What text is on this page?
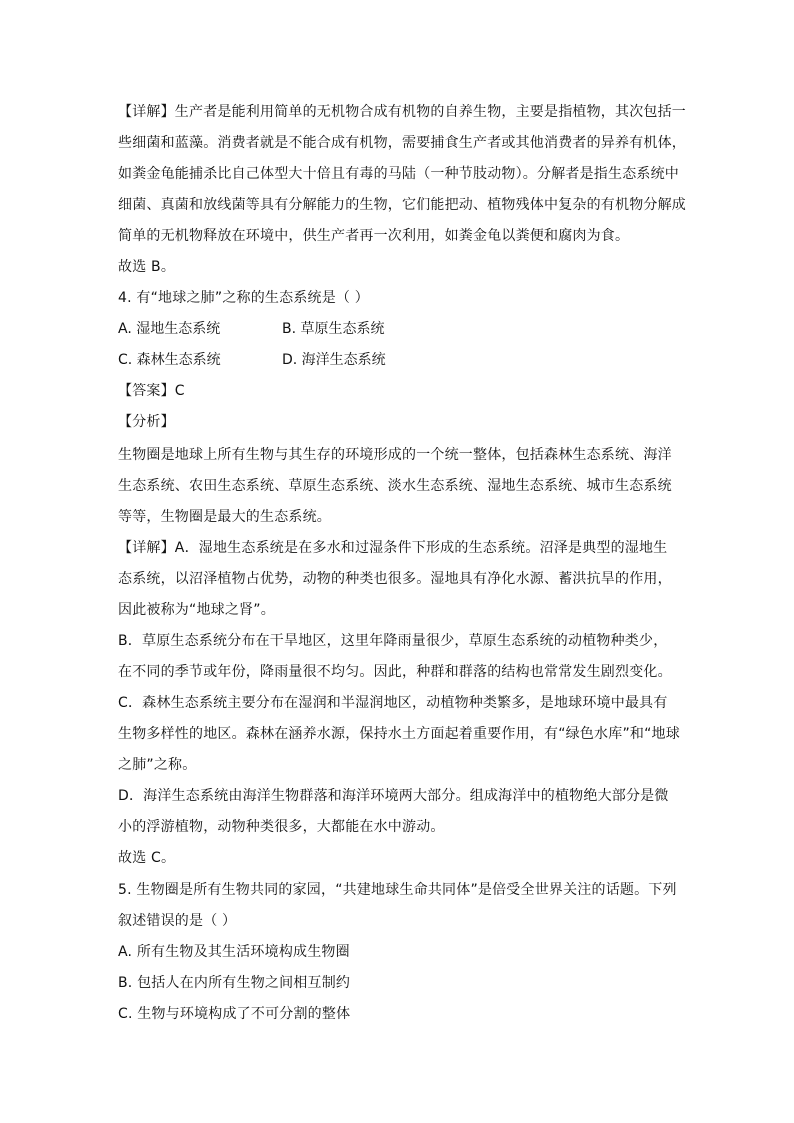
【详解】生产者是能利用简单的无机物合成有机物的自养生物，主要是指植物，其次包括一
些细菌和蓝藻。消费者就是不能合成有机物，需要捕食生产者或其他消费者的异养有机体，
如粪金龟能捕杀比自己体型大十倍且有毒的马陆（一种节肢动物）。分解者是指生态系统中
细菌、真菌和放线菌等具有分解能力的生物，它们能把动、植物残体中复杂的有机物分解成
简单的无机物释放在环境中，供生产者再一次利用，如粪金龟以粪便和腐肉为食。
故选 B。
4. 有“地球之肺”之称的生态系统是（ ）
A. 湿地生态系统	B. 草原生态系统
C. 森林生态系统	D. 海洋生态系统
【答案】C
【分析】
生物圈是地球上所有生物与其生存的环境形成的一个统一整体，包括森林生态系统、海洋
生态系统、农田生态系统、草原生态系统、淡水生态系统、湿地生态系统、城市生态系统
等等，生物圈是最大的生态系统。
【详解】A．湿地生态系统是在多水和过湿条件下形成的生态系统。沼泽是典型的湿地生
态系统，以沼泽植物占优势，动物的种类也很多。湿地具有净化水源、蓄洪抗旱的作用，
因此被称为“地球之肾”。
B．草原生态系统分布在干旱地区，这里年降雨量很少，草原生态系统的动植物种类少，
在不同的季节或年份，降雨量很不均匀。因此，种群和群落的结构也常常发生剧烈变化。
C．森林生态系统主要分布在湿润和半湿润地区，动植物种类繁多，是地球环境中最具有
生物多样性的地区。森林在涵养水源，保持水土方面起着重要作用，有“绿色水库”和“地球
之肺”之称。
D．海洋生态系统由海洋生物群落和海洋环境两大部分。组成海洋中的植物绝大部分是微
小的浮游植物，动物种类很多，大都能在水中游动。
故选 C。
5. 生物圈是所有生物共同的家园，“共建地球生命共同体”是倍受全世界关注的话题。下列
叙述错误的是（ ）
A. 所有生物及其生活环境构成生物圈
B. 包括人在内所有生物之间相互制约
C. 生物与环境构成了不可分割的整体
